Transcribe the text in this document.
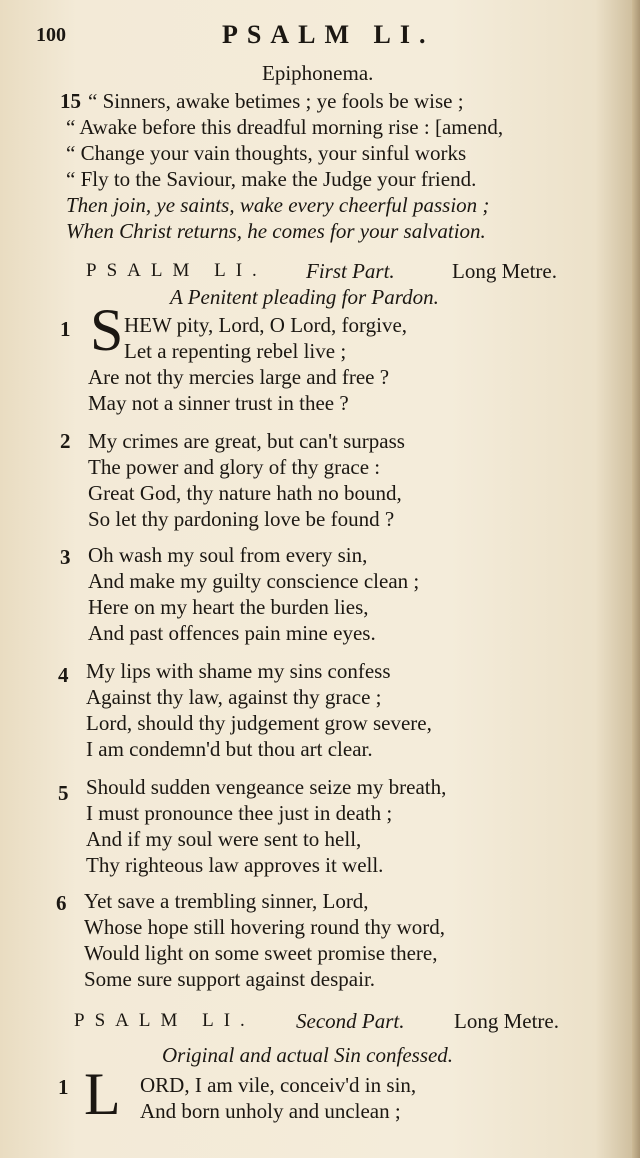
100	PSALM LI.
Epiphonema.
15 “ Sinners, awake betimes ; ye fools be wise ;
“ Awake before this dreadful morning rise : [amend,
“ Change your vain thoughts, your sinful works
“ Fly to the Saviour, make the Judge your friend.
Then join, ye saints, wake every cheerful passion ;
When Christ returns, he comes for your salvation.
PSALM LI. First Part.	Long Metre.
A Penitent pleading for Pardon.
1 S HEW pity, Lord, O Lord, forgive,
Let a repenting rebel live ;
Are not thy mercies large and free ?
May not a sinner trust in thee ?
2 My crimes are great, but can't surpass
The power and glory of thy grace :
Great God, thy nature hath no bound,
So let thy pardoning love be found ?
3 Oh wash my soul from every sin,
And make my guilty conscience clean ;
Here on my heart the burden lies,
And past offences pain mine eyes.
4 My lips with shame my sins confess
Against thy law, against thy grace ;
Lord, should thy judgement grow severe,
I am condemn'd but thou art clear.
5 Should sudden vengeance seize my breath,
I must pronounce thee just in death ;
And if my soul were sent to hell,
Thy righteous law approves it well.
6 Yet save a trembling sinner, Lord,
Whose hope still hovering round thy word,
Would light on some sweet promise there,
Some sure support against despair.
PSALM LI. Second Part. Long Metre.
Original and actual Sin confessed.
1 L ORD, I am vile, conceiv'd in sin,
And born unholy and unclean ;
